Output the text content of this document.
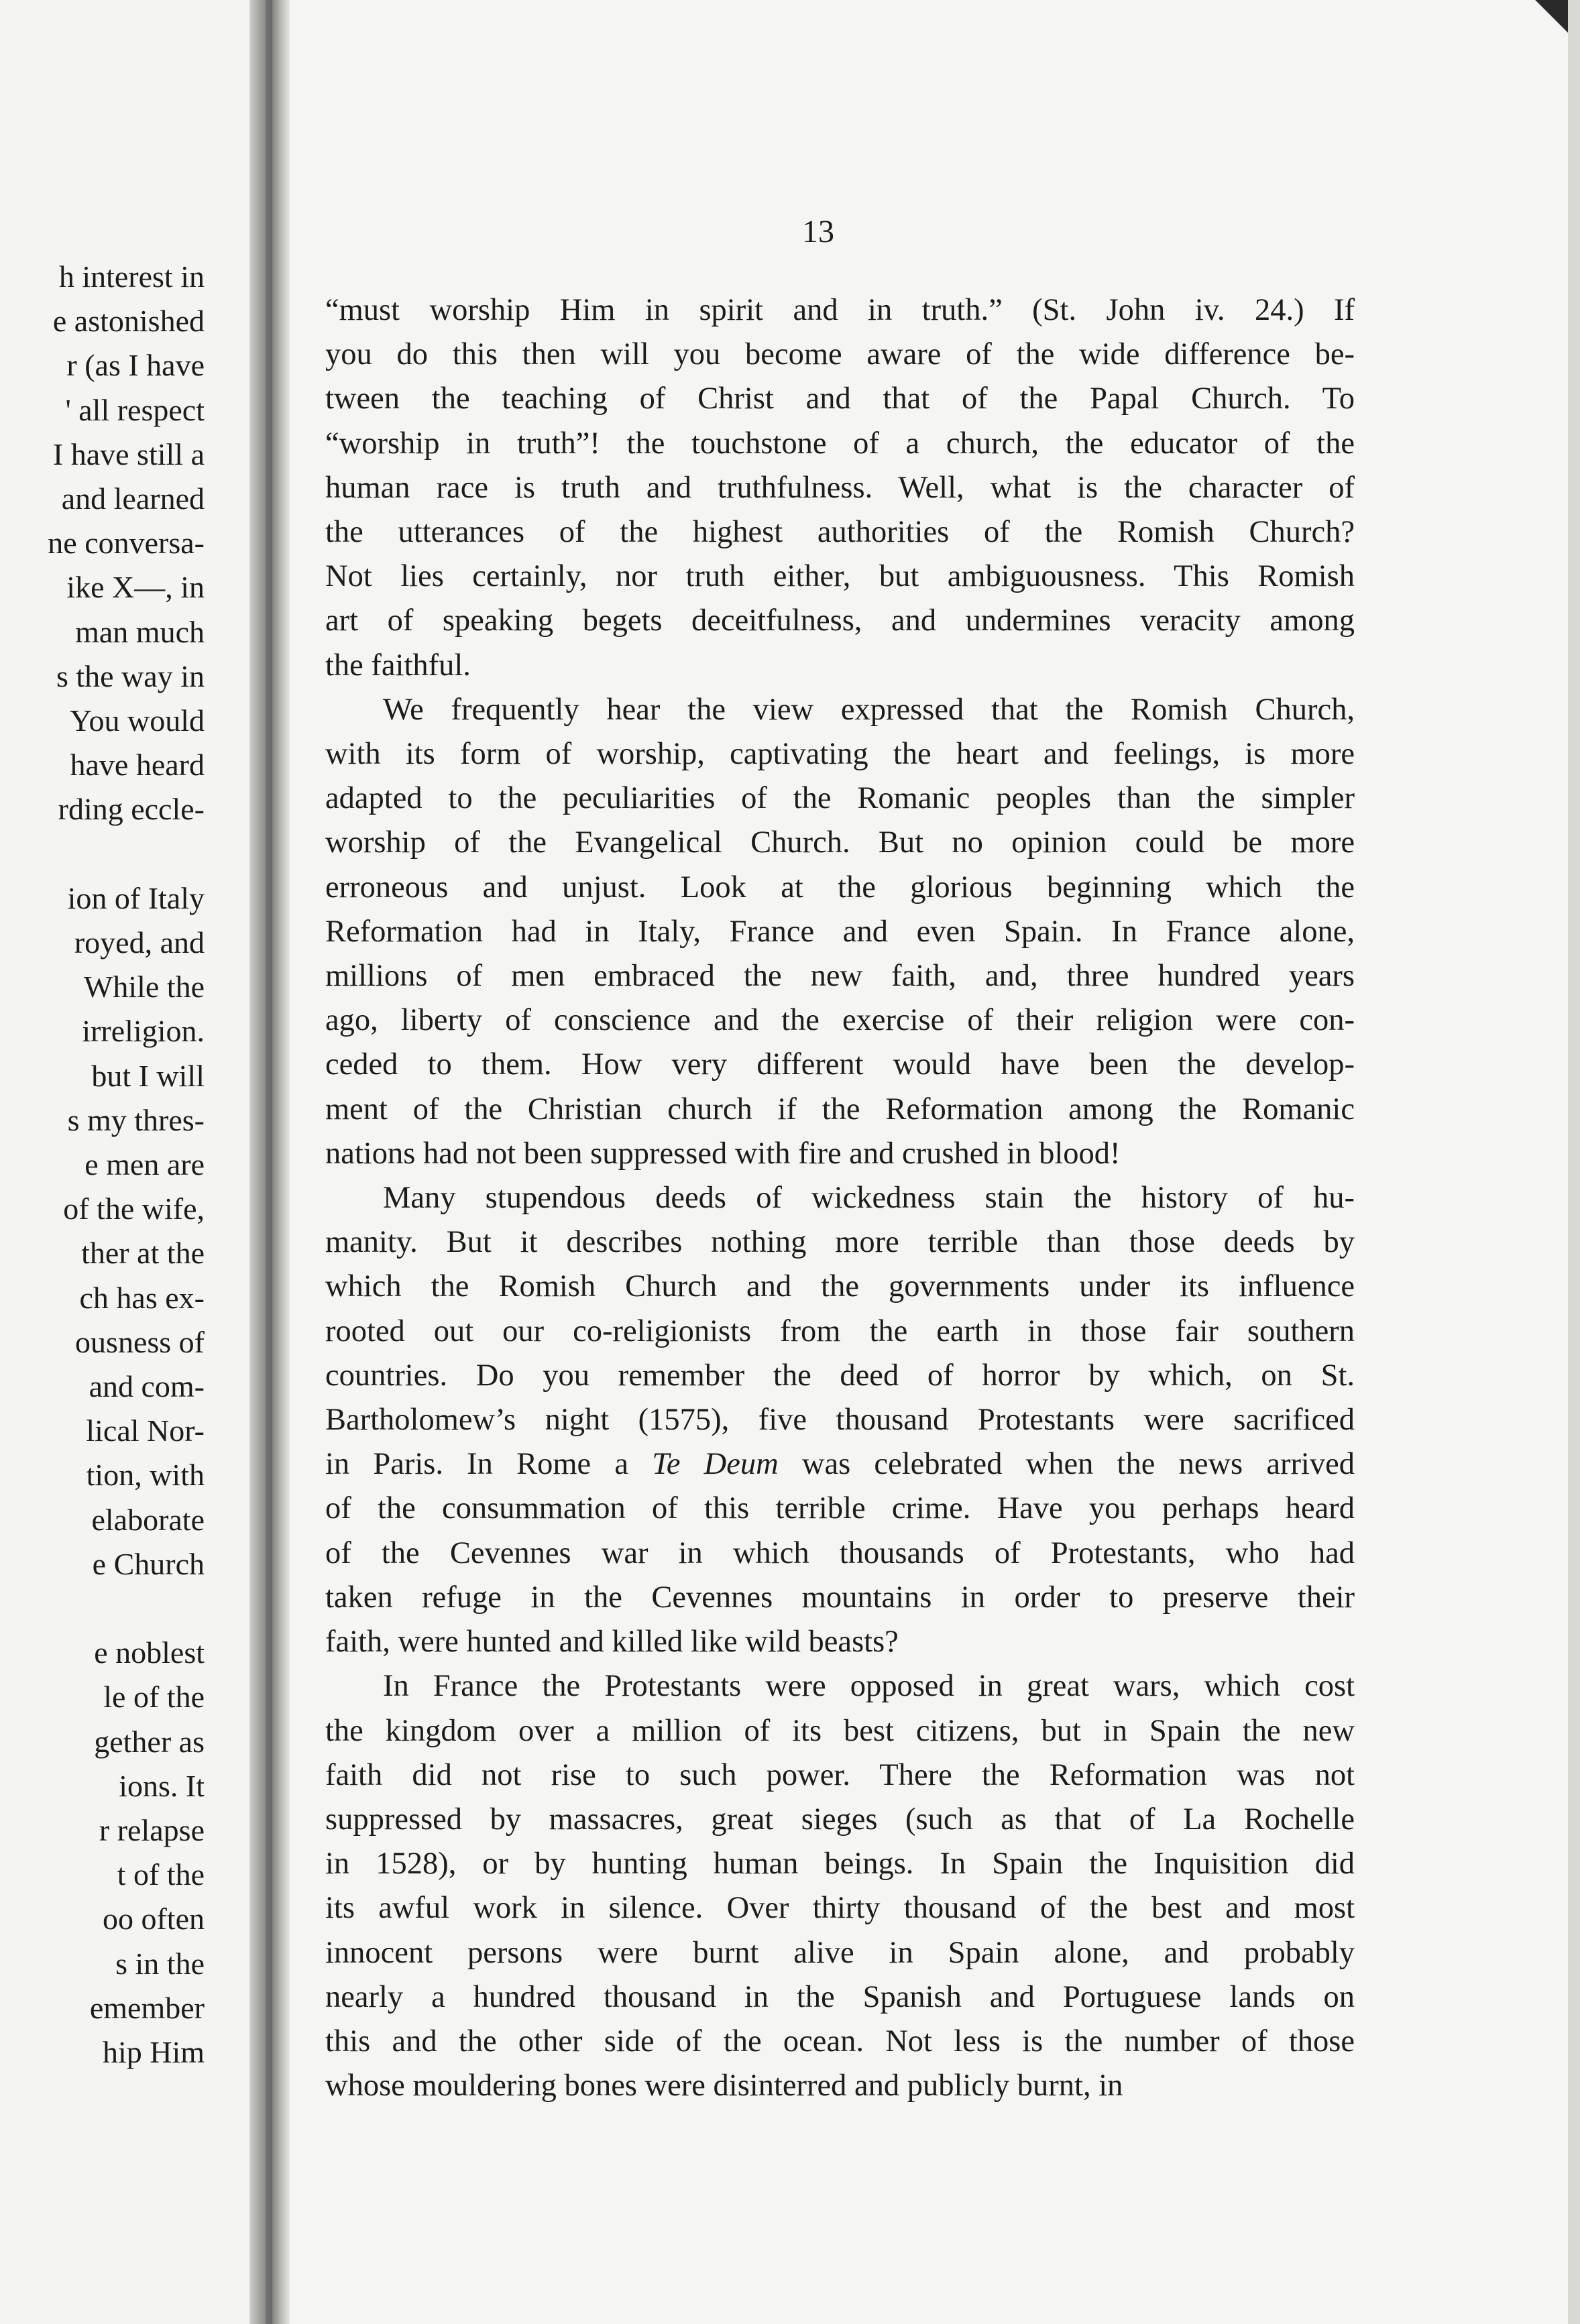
h interest in
e astonished
r (as I have
' all respect
I have still a
and learned
ne conversa-
ike X—, in
man much
s the way in
You would
have heard
rding eccle-
ion of Italy
royed, and
While the
irreligion.
but I will
s my thres-
e men are
of the wife,
ther at the
ch has ex-
ousness of
and com-
lical Nor-
tion, with
elaborate
e Church
e noblest
le of the
gether as
ions. It
r relapse
t of the
oo often
s in the
emember
hip Him
13
“must worship Him in spirit and in truth.” (St. John iv. 24.) If
you do this then will you become aware of the wide difference be-
tween the teaching of Christ and that of the Papal Church. To
“worship in truth”! the touchstone of a church, the educator of the
human race is truth and truthfulness. Well, what is the character of
the utterances of the highest authorities of the Romish Church?
Not lies certainly, nor truth either, but ambiguousness. This Romish
art of speaking begets deceitfulness, and undermines veracity among
the faithful.
We frequently hear the view expressed that the Romish Church,
with its form of worship, captivating the heart and feelings, is more
adapted to the peculiarities of the Romanic peoples than the simpler
worship of the Evangelical Church. But no opinion could be more
erroneous and unjust. Look at the glorious beginning which the
Reformation had in Italy, France and even Spain. In France alone,
millions of men embraced the new faith, and, three hundred years
ago, liberty of conscience and the exercise of their religion were con-
ceded to them. How very different would have been the develop-
ment of the Christian church if the Reformation among the Romanic
nations had not been suppressed with fire and crushed in blood!
Many stupendous deeds of wickedness stain the history of hu-
manity. But it describes nothing more terrible than those deeds by
which the Romish Church and the governments under its influence
rooted out our co-religionists from the earth in those fair southern
countries. Do you remember the deed of horror by which, on St.
Bartholomew’s night (1575), five thousand Protestants were sacrificed
in Paris. In Rome a Te Deum was celebrated when the news arrived
of the consummation of this terrible crime. Have you perhaps heard
of the Cevennes war in which thousands of Protestants, who had
taken refuge in the Cevennes mountains in order to preserve their
faith, were hunted and killed like wild beasts?
In France the Protestants were opposed in great wars, which cost
the kingdom over a million of its best citizens, but in Spain the new
faith did not rise to such power. There the Reformation was not
suppressed by massacres, great sieges (such as that of La Rochelle
in 1528), or by hunting human beings. In Spain the Inquisition did
its awful work in silence. Over thirty thousand of the best and most
innocent persons were burnt alive in Spain alone, and probably
nearly a hundred thousand in the Spanish and Portuguese lands on
this and the other side of the ocean. Not less is the number of those
whose mouldering bones were disinterred and publicly burnt, in
